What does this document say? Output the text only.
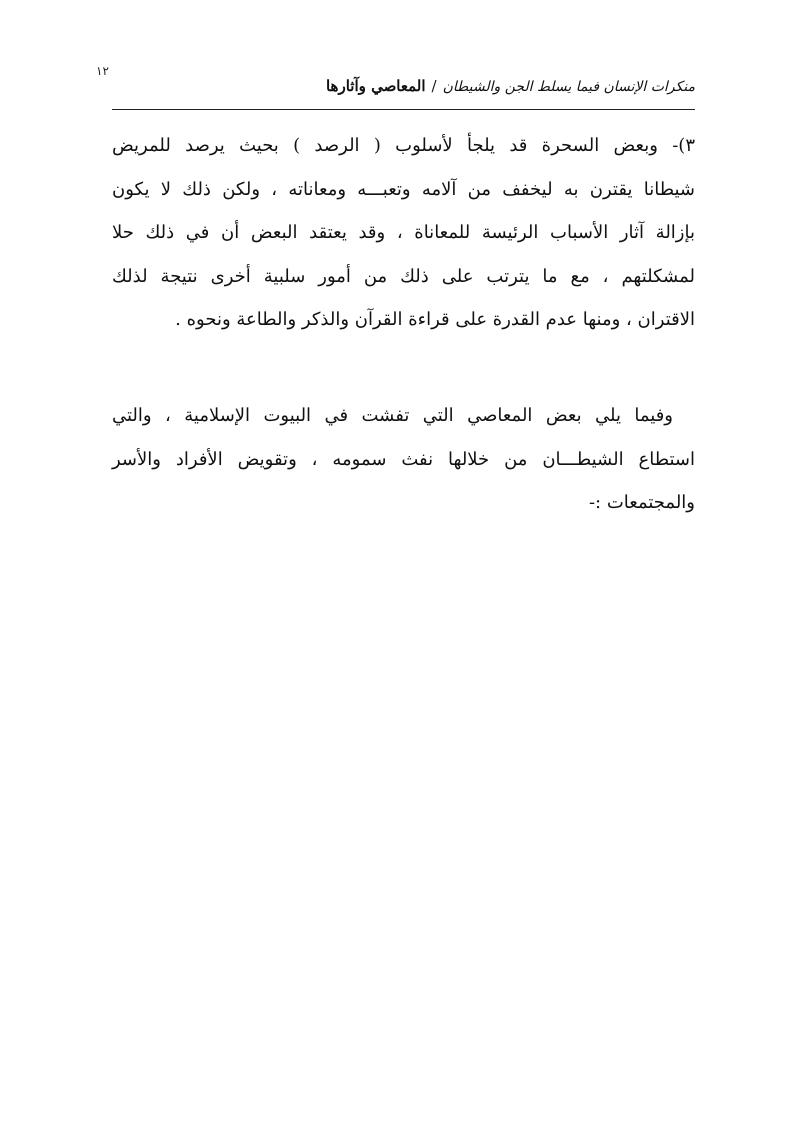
١٢
منكرات الإنسان فيما يسلط الجن والشيطان/المعاصي وآثارها
٣)- وبعض السحرة قد يلجأ لأسلوب ( الرصد ) بحيث يرصد للمريض
شيطانا يقترن به ليخفف من آلامه وتعبـــه ومعاناته ، ولكن ذلك لا يكون
بإزالة آثار الأسباب الرئيسة للمعاناة ، وقد يعتقد البعض أن في ذلك حلا
لمشكلتهم ، مع ما يترتب على ذلك من أمور سلبية أخرى نتيجة لذلك
الاقتران ، ومنها عدم القدرة على قراءة القرآن والذكر والطاعة ونحوه .
وفيما يلي بعض المعاصي التي تفشت في البيوت الإسلامية ، والتي
استطاع الشيطـــان من خلالها نفث سمومه ، وتقويض الأفراد والأسر
والمجتمعات :-
